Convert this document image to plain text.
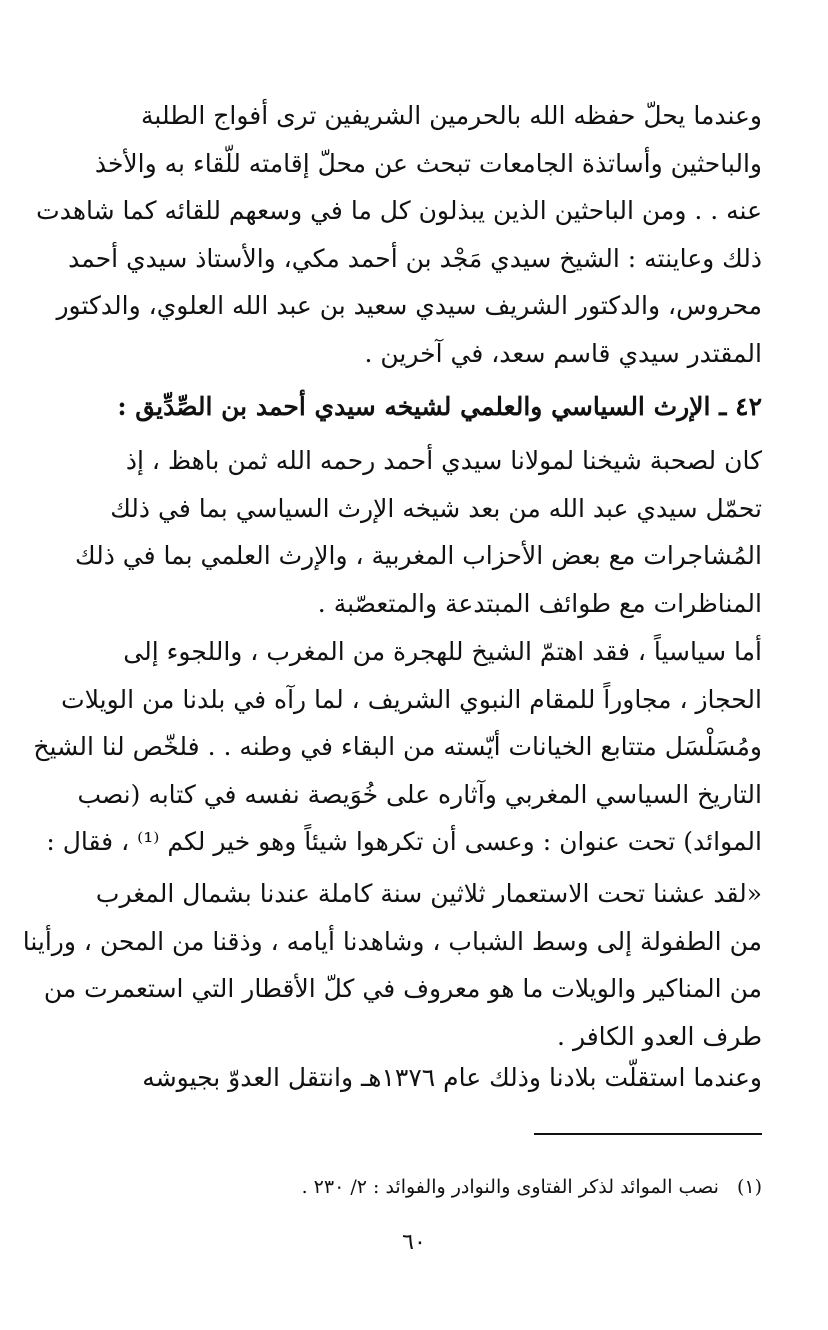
وعندما يحلّ حفظه الله بالحرمين الشريفين ترى أفواج الطلبة
والباحثين وأساتذة الجامعات تبحث عن محلّ إقامته للّقاء به والأخذ
عنه . . ومن الباحثين الذين يبذلون كل ما في وسعهم للقائه كما شاهدت
ذلك وعاينته : الشيخ سيدي مَجْد بن أحمد مكي، والأستاذ سيدي أحمد
محروس، والدكتور الشريف سيدي سعيد بن عبد الله العلوي، والدكتور
المقتدر سيدي قاسم سعد، في آخرين .
٤٢ ـ الإرث السياسي والعلمي لشيخه سيدي أحمد بن الصِّدِّيق :
كان لصحبة شيخنا لمولانا سيدي أحمد رحمه الله ثمن باهظ ، إذ
تحمّل سيدي عبد الله من بعد شيخه الإرث السياسي بما في ذلك
المُشاجرات مع بعض الأحزاب المغربية ، والإرث العلمي بما في ذلك
المناظرات مع طوائف المبتدعة والمتعصّبة .
أما سياسياً ، فقد اهتمّ الشيخ للهجرة من المغرب ، واللجوء إلى
الحجاز ، مجاوراً للمقام النبوي الشريف ، لما رآه في بلدنا من الويلات
ومُسَلْسَل متتابع الخيانات أيّسته من البقاء في وطنه . . فلخّص لنا الشيخ
التاريخ السياسي المغربي وآثاره على خُوَيصة نفسه في كتابه (نصب
الموائد) تحت عنوان : وعسى أن تكرهوا شيئاً وهو خير لكم ⁽¹⁾ ، فقال :
«لقد عشنا تحت الاستعمار ثلاثين سنة كاملة عندنا بشمال المغرب
من الطفولة إلى وسط الشباب ، وشاهدنا أيامه ، وذقنا من المحن ، ورأينا
من المناكير والويلات ما هو معروف في كلّ الأقطار التي استعمرت من
طرف العدو الكافر .
وعندما استقلّت بلادنا وذلك عام ١٣٧٦هـ وانتقل العدوّ بجيوشه
(١)نصب الموائد لذكر الفتاوى والنوادر والفوائد : ٢/ ٢٣٠ .
٦٠
